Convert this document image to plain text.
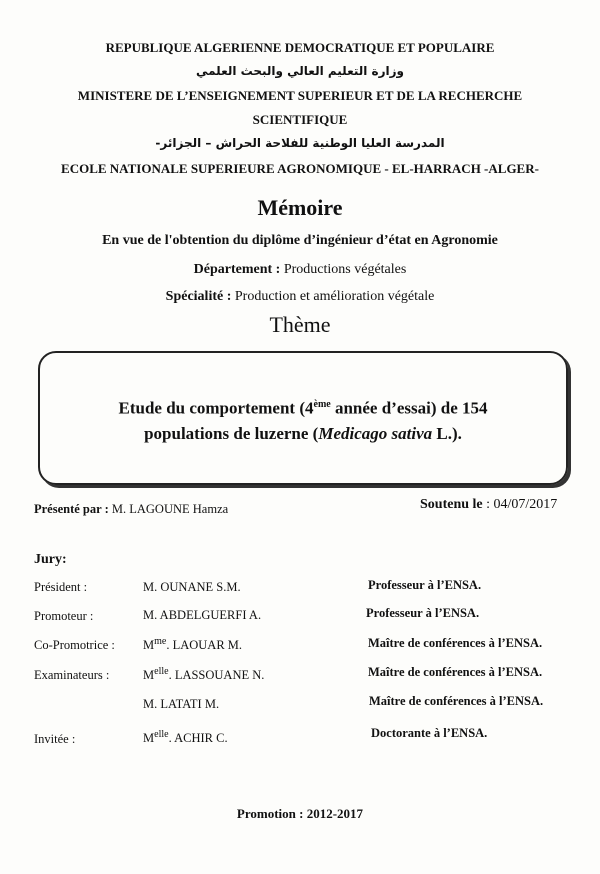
REPUBLIQUE ALGERIENNE DEMOCRATIQUE ET POPULAIRE
وزارة التعليم العالي والبحث العلمي
MINISTERE DE L’ENSEIGNEMENT SUPERIEUR ET DE LA RECHERCHE
SCIENTIFIQUE
المدرسة العليا الوطنية للفلاحة الحراش – الجزائر-
ECOLE NATIONALE SUPERIEURE AGRONOMIQUE - EL-HARRACH -ALGER-
Mémoire
En vue de l'obtention du diplôme d’ingénieur d’état en Agronomie
Département : Productions végétales
Spécialité : Production et amélioration végétale
Thème
Etude du comportement (4ème année d’essai) de 154
populations de luzerne (Medicago sativa L.).
Présenté par : M. LAGOUNE Hamza	Soutenu le : 04/07/2017
Jury:
Président :	M. OUNANE S.M.	Professeur à l’ENSA.
Promoteur :	M. ABDELGUERFI A.	Professeur à l’ENSA.
Co-Promotrice : $M^{me}$. LAOUAR M.	Maître de conférences à l’ENSA.
Examinateurs :	$M^{elle}$. LASSOUANE N.	Maître de conférences à l’ENSA.
M. LATATI M.	Maître de conférences à l’ENSA.
Invitée :	$M^{elle}$. ACHIR C.	Doctorante à l’ENSA.
Promotion : 2012-2017
